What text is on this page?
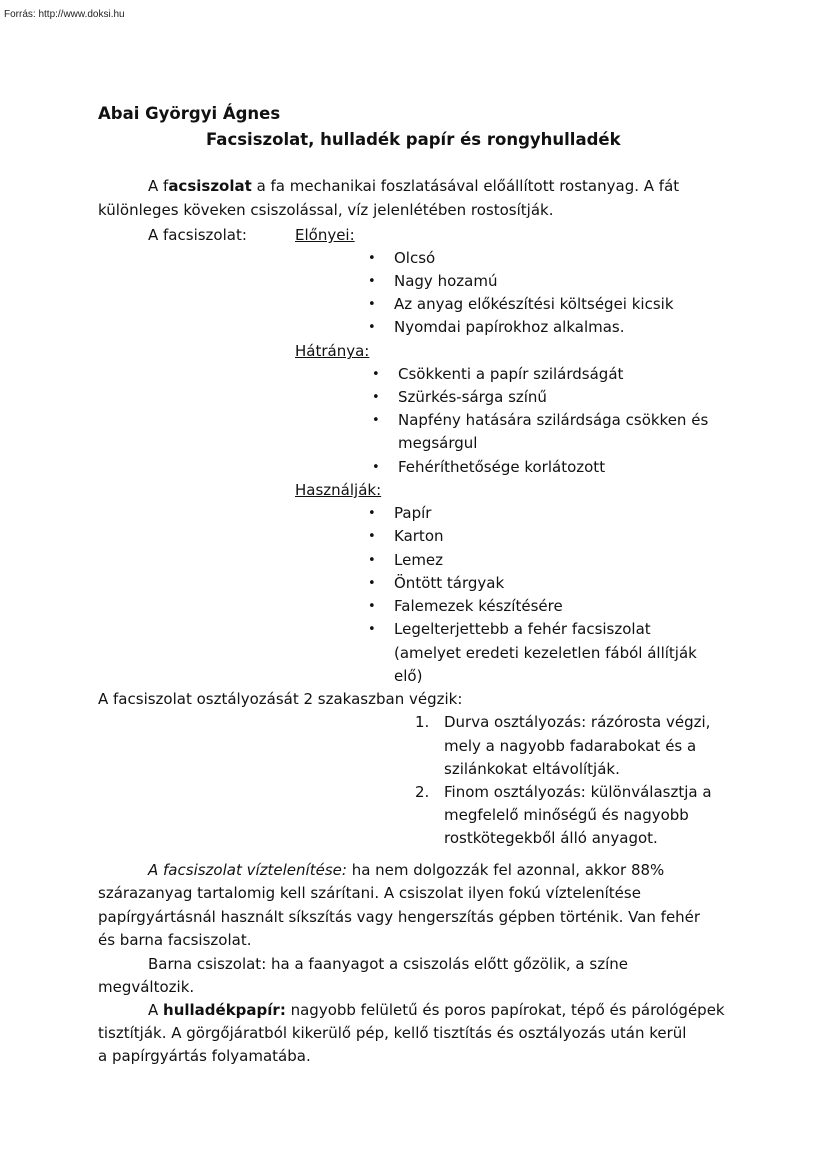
Forrás: http://www.doksi.hu
Abai Györgyi Ágnes
Facsiszolat, hulladék papír és rongyhulladék
A facsiszolat a fa mechanikai foszlatásával előállított rostanyag. A fát
különleges köveken csiszolással, víz jelenlétében rostosítják.
A facsiszolat:	Előnyei:
• Olcsó
• Nagy hozamú
• Az anyag előkészítési költségei kicsik
• Nyomdai papírokhoz alkalmas.
Hátránya:
• Csökkenti a papír szilárdságát
• Szürkés-sárga színű
• Napfény hatására szilárdsága csökken és
megsárgul
• Fehéríthetősége korlátozott
Használják:
• Papír
• Karton
• Lemez
• Öntött tárgyak
• Falemezek készítésére
• Legelterjettebb a fehér facsiszolat
(amelyet eredeti kezeletlen fából állítják
elő)
A facsiszolat osztályozását 2 szakaszban végzik:
1. Durva osztályozás: rázórosta végzi,
mely a nagyobb fadarabokat és a
szilánkokat eltávolítják.
2. Finom osztályozás: különválasztja a
megfelelő minőségű és nagyobb
rostkötegekből álló anyagot.
A facsiszolat víztelenítése: ha nem dolgozzák fel azonnal, akkor 88%
szárazanyag tartalomig kell szárítani. A csiszolat ilyen fokú víztelenítése
papírgyártásnál használt síkszítás vagy hengerszítás gépben történik. Van fehér
és barna facsiszolat.
Barna csiszolat: ha a faanyagot a csiszolás előtt gőzölik, a színe
megváltozik.
A hulladékpapír: nagyobb felületű és poros papírokat, tépő és párológépek
tisztítják. A görgőjáratból kikerülő pép, kellő tisztítás és osztályozás után kerül
a papírgyártás folyamatába.
